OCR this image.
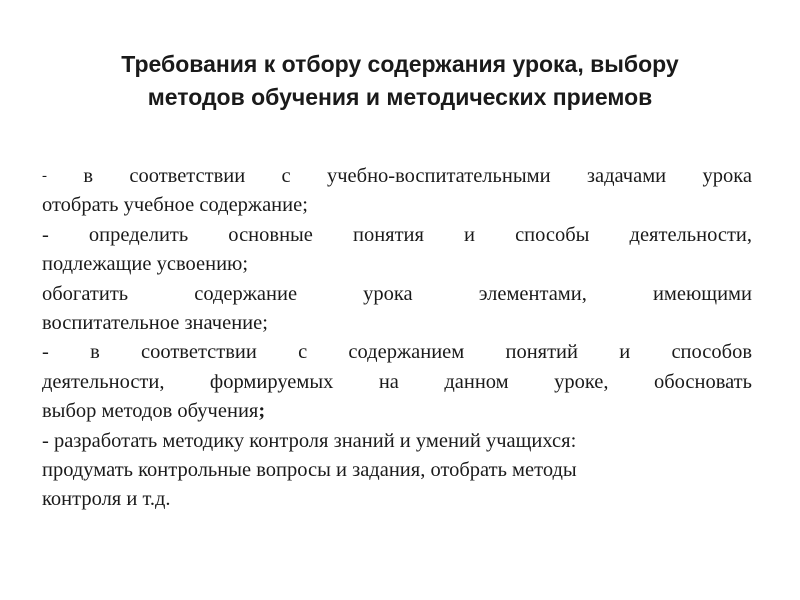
Требования к отбору содержания урока, выбору
методов обучения и методических приемов
- в соответствии с учебно-воспитательными задачами урока
отобрать учебное содержание;
- определить основные понятия и способы деятельности,
подлежащие усвоению;
обогатить содержание урока элементами, имеющими
воспитательное значение;
- в соответствии с содержанием понятий и способов
деятельности, формируемых на данном уроке, обосновать
выбор методов обучения;
- разработать методику контроля знаний и умений учащихся:
продумать контрольные вопросы и задания, отобрать методы
контроля и т.д.
